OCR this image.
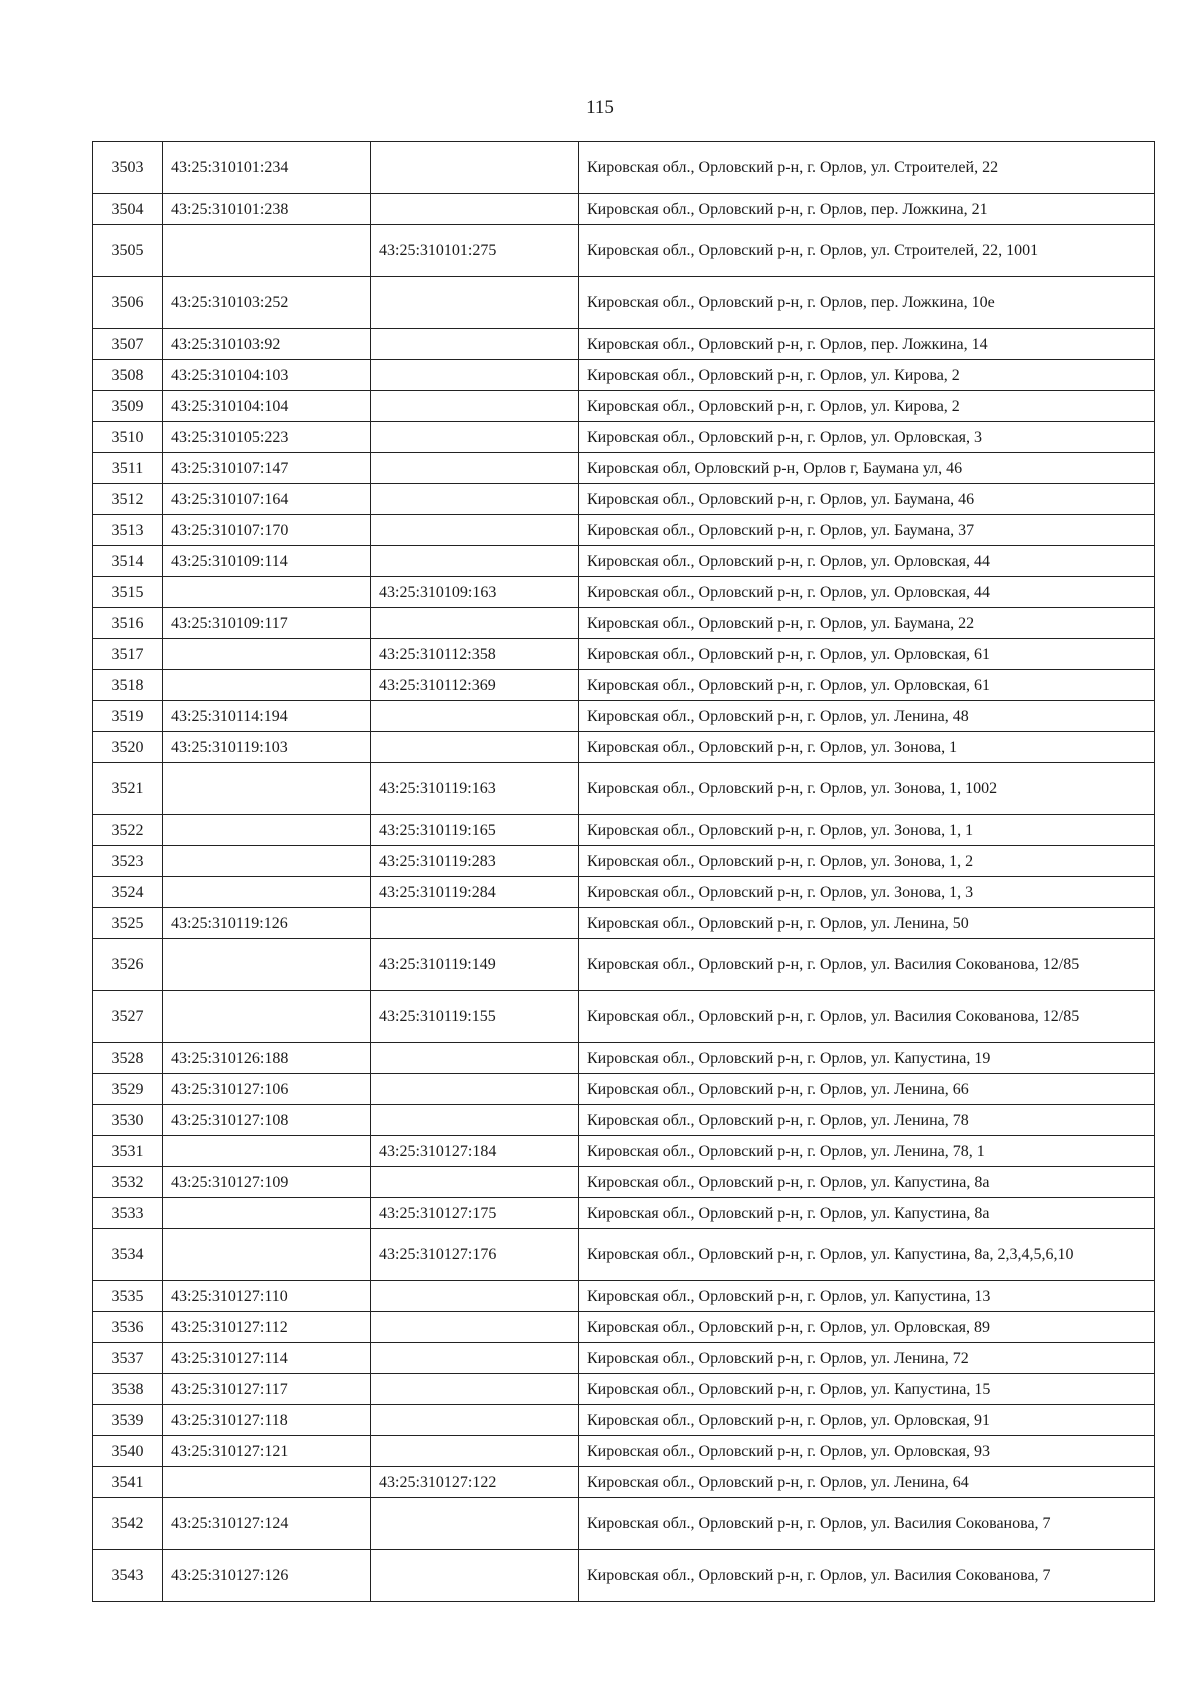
115
3503	43:25:310101:234		Кировская обл., Орловский р-н, г. Орлов, ул. Строителей, 22
3504	43:25:310101:238		Кировская обл., Орловский р-н, г. Орлов, пер. Ложкина, 21
3505		43:25:310101:275	Кировская обл., Орловский р-н, г. Орлов, ул. Строителей, 22, 1001
3506	43:25:310103:252		Кировская обл., Орловский р-н, г. Орлов, пер. Ложкина, 10е
3507	43:25:310103:92		Кировская обл., Орловский р-н, г. Орлов, пер. Ложкина, 14
3508	43:25:310104:103		Кировская обл., Орловский р-н, г. Орлов, ул. Кирова, 2
3509	43:25:310104:104		Кировская обл., Орловский р-н, г. Орлов, ул. Кирова, 2
3510	43:25:310105:223		Кировская обл., Орловский р-н, г. Орлов, ул. Орловская, 3
3511	43:25:310107:147		Кировская обл, Орловский р-н, Орлов г, Баумана ул, 46
3512	43:25:310107:164		Кировская обл., Орловский р-н, г. Орлов, ул. Баумана, 46
3513	43:25:310107:170		Кировская обл., Орловский р-н, г. Орлов, ул. Баумана, 37
3514	43:25:310109:114		Кировская обл., Орловский р-н, г. Орлов, ул. Орловская, 44
3515		43:25:310109:163	Кировская обл., Орловский р-н, г. Орлов, ул. Орловская, 44
3516	43:25:310109:117		Кировская обл., Орловский р-н, г. Орлов, ул. Баумана, 22
3517		43:25:310112:358	Кировская обл., Орловский р-н, г. Орлов, ул. Орловская, 61
3518		43:25:310112:369	Кировская обл., Орловский р-н, г. Орлов, ул. Орловская, 61
3519	43:25:310114:194		Кировская обл., Орловский р-н, г. Орлов, ул. Ленина, 48
3520	43:25:310119:103		Кировская обл., Орловский р-н, г. Орлов, ул. Зонова, 1
3521		43:25:310119:163	Кировская обл., Орловский р-н, г. Орлов, ул. Зонова, 1, 1002
3522		43:25:310119:165	Кировская обл., Орловский р-н, г. Орлов, ул. Зонова, 1, 1
3523		43:25:310119:283	Кировская обл., Орловский р-н, г. Орлов, ул. Зонова, 1, 2
3524		43:25:310119:284	Кировская обл., Орловский р-н, г. Орлов, ул. Зонова, 1, 3
3525	43:25:310119:126		Кировская обл., Орловский р-н, г. Орлов, ул. Ленина, 50
3526		43:25:310119:149	Кировская обл., Орловский р-н, г. Орлов, ул. Василия Соковановa, 12/85
3527		43:25:310119:155	Кировская обл., Орловский р-н, г. Орлов, ул. Василия Соковановa, 12/85
3528	43:25:310126:188		Кировская обл., Орловский р-н, г. Орлов, ул. Капустина, 19
3529	43:25:310127:106		Кировская обл., Орловский р-н, г. Орлов, ул. Ленина, 66
3530	43:25:310127:108		Кировская обл., Орловский р-н, г. Орлов, ул. Ленина, 78
3531		43:25:310127:184	Кировская обл., Орловский р-н, г. Орлов, ул. Ленина, 78, 1
3532	43:25:310127:109		Кировская обл., Орловский р-н, г. Орлов, ул. Капустина, 8а
3533		43:25:310127:175	Кировская обл., Орловский р-н, г. Орлов, ул. Капустина, 8а
3534		43:25:310127:176	Кировская обл., Орловский р-н, г. Орлов, ул. Капустина, 8а, 2,3,4,5,6,10
3535	43:25:310127:110		Кировская обл., Орловский р-н, г. Орлов, ул. Капустина, 13
3536	43:25:310127:112		Кировская обл., Орловский р-н, г. Орлов, ул. Орловская, 89
3537	43:25:310127:114		Кировская обл., Орловский р-н, г. Орлов, ул. Ленина, 72
3538	43:25:310127:117		Кировская обл., Орловский р-н, г. Орлов, ул. Капустина, 15
3539	43:25:310127:118		Кировская обл., Орловский р-н, г. Орлов, ул. Орловская, 91
3540	43:25:310127:121		Кировская обл., Орловский р-н, г. Орлов, ул. Орловская, 93
3541		43:25:310127:122	Кировская обл., Орловский р-н, г. Орлов, ул. Ленина, 64
3542	43:25:310127:124		Кировская обл., Орловский р-н, г. Орлов, ул. Василия Сокованова, 7
3543	43:25:310127:126		Кировская обл., Орловский р-н, г. Орлов, ул. Василия Сокованова, 7
